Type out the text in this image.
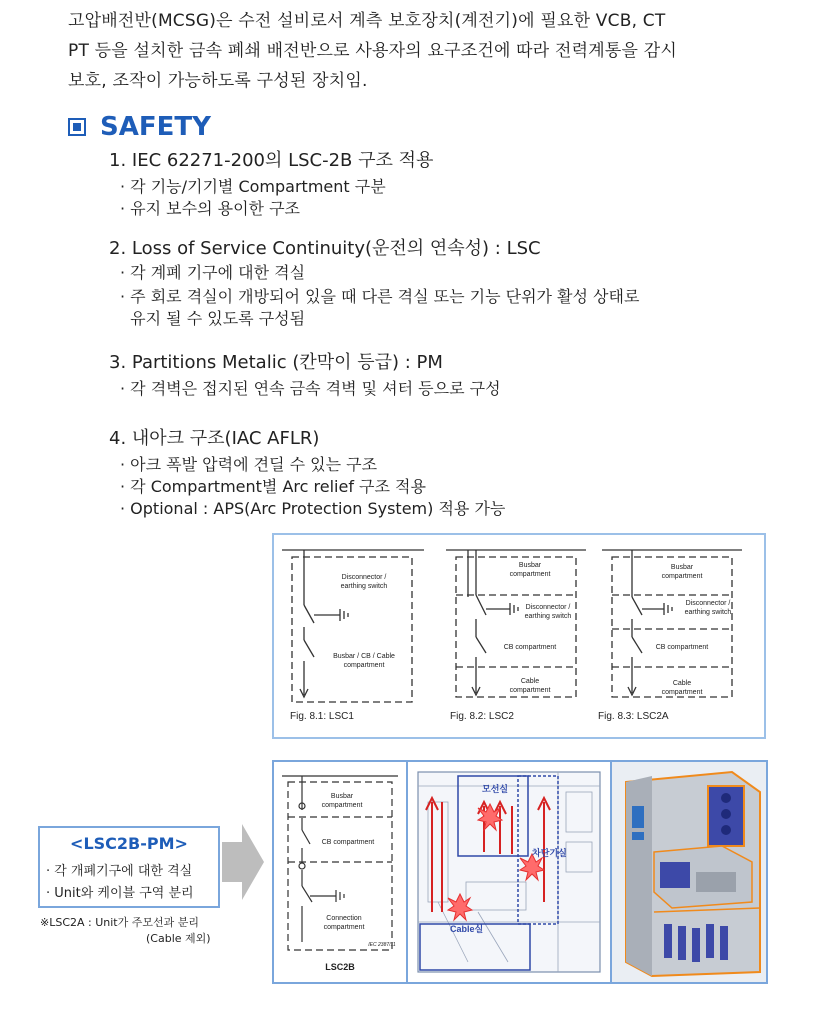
고압배전반(MCSG)은 수전 설비로서 계측 보호장치(계전기)에 필요한 VCB, CT
PT 등을 설치한 금속 폐쇄 배전반으로 사용자의 요구조건에 따라 전력계통을 감시
보호, 조작이 가능하도록 구성된 장치임.
SAFETY
1. IEC 62271-200의 LSC-2B 구조 적용
· 각 기능/기기별 Compartment 구분
· 유지 보수의 용이한 구조
2. Loss of Service Continuity(운전의 연속성) : LSC
· 각 계폐 기구에 대한 격실
· 주 회로 격실이 개방되어 있을 때 다른 격실 또는 기능 단위가 활성 상태로
유지 될 수 있도록 구성됨
3. Partitions Metalic (칸막이 등급) : PM
· 각 격벽은 접지된 연속 금속 격벽 및 셔터 등으로 구성
4. 내아크 구조(IAC AFLR)
· 아크 폭발 압력에 견딜 수 있는 구조
· 각 Compartment별 Arc relief 구조 적용
· Optional : APS(Arc Protection System) 적용 가능
Disconnector /
earthing switch
Busbar / CB / Cable
compartment
Busbar
compartment
Disconnector /
earthing switch
CB compartment
Cable
compartment
Busbar
compartment
Disconnector /
earthing switch
CB compartment
Cable
compartment
Fig. 8.1: LSC1	Fig. 8.2: LSC2	Fig. 8.3: LSC2A
<LSC2B-PM>
· 각 개폐기구에 대한 격실
· Unit와 케이블 구역 분리
※LSC2A : Unit가 주모선과 분리
(Cable 제외)
Busbar
compartment
CB compartment
Connection
compartment
IEC 2387/11
LSC2B
모선실
차단기실
Cable실
